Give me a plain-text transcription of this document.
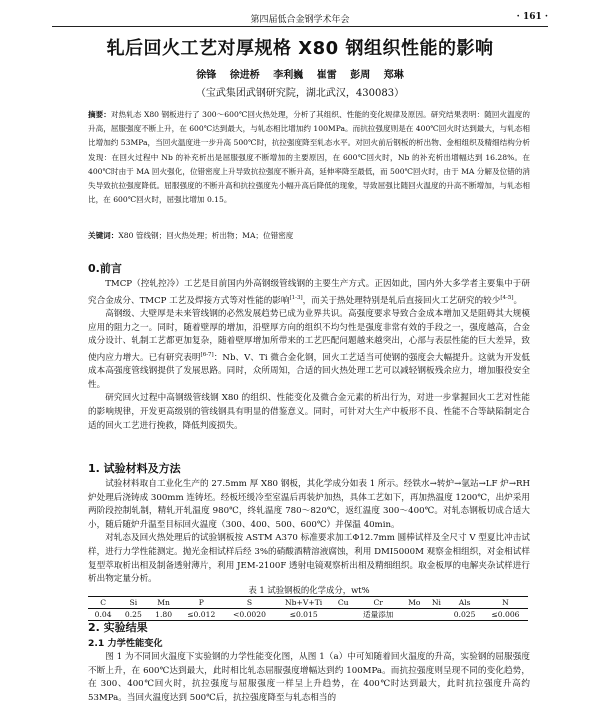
第四届低合金钢学术年会	· 161 ·
轧后回火工艺对厚规格 X80 钢组织性能的影响
徐锋 徐进桥 李利巍 崔雷 彭周 郑琳
（宝武集团武钢研究院，湖北武汉，430083）
摘要：对热轧态 X80 钢板进行了 300～600℃回火热处理，分析了其组织、性能的变化规律及原因。研究结果表明：随回火温度的升高，屈服强度不断上升，在 600℃达到最大，与轧态相比增加约 100MPa。而抗拉强度则是在 400℃回火时达到最大，与轧态相比增加约 53MPa，当回火温度进一步升高 500℃时，抗拉强度降至轧态水平。对回火前后钢板的析出物、金相组织及精细结构分析发现：在回火过程中 Nb 的补充析出是屈服强度不断增加的主要原因，在 600℃回火时，Nb 的补充析出增幅达到 16.28%。在 400℃时由于 MA 回火强化，位错密度上升导致抗拉强度不断升高，延伸率降至最低，而 500℃回火时，由于 MA 分解及位错的消失导致抗拉强度降低。屈服强度的不断升高和抗拉强度先小幅升高后降低的现象，导致屈强比随回火温度的升高不断增加，与轧态相比，在 600℃回火时，屈强比增加 0.15。
关键词：X80 管线钢；回火热处理；析出物；MA；位错密度
0.前言

TMCP（控轧控冷）工艺是目前国内外高钢级管线钢的主要生产方式。正因如此，国内外大多学者主要集中于研究合金成分、TMCP 工艺及焊接方式等对性能的影响[1-3]，而关于热处理特别是轧后直接回火工艺研究的较少[4-5]。

高钢级、大壁厚是未来管线钢的必然发展趋势已成为业界共识。高强度要求导致合金成本增加又是阻碍其大规模应用的阻力之一。同时，随着壁厚的增加，沿壁厚方向的组织不均匀性是强度非常有效的手段之一，强度越高，合金成分设计、轧制工艺都更加复杂，随着壁厚增加所带来的工艺匹配问题越来越突出，心部与表层性能的巨大差异，致使内应力增大。已有研究表明[6-7]：Nb、V、Ti 微合金化钢，回火工艺适当可使钢的强度会大幅提升。这就为开发低成本高强度管线钢提供了发展思路。同时，众所周知，合适的回火热处理工艺可以减轻钢板残余应力，增加服役安全性。

研究回火过程中高钢级管线钢 X80 的组织、性能变化及微合金元素的析出行为，对进一步掌握回火工艺对性能的影响规律，开发更高级别的管线钢具有明显的借鉴意义。同时，可针对大生产中板形不良、性能不合等缺陷制定合适的回火工艺进行挽救，降低判废损失。

1. 试验材料及方法

试验材料取自工业化生产的 27.5mm 厚 X80 钢板，其化学成分如表 1 所示。经铁水→转炉→氩站→LF 炉→RH 炉处理后浇铸成 300mm 连铸坯。经板坯缓冷至室温后再装炉加热，具体工艺如下，再加热温度 1200℃，出炉采用两阶段控制轧制，精轧开轧温度 980℃，终轧温度 780～820℃，返红温度 300～400℃。对轧态钢板切成合适大小，随后随炉升温至目标回火温度（300、400、500、600℃）并保温 40min。

对轧态及回火热处理后的试验钢板按 ASTM A370 标准要求加工Φ12.7mm 圆棒试样及全尺寸 V 型夏比冲击试样，进行力学性能测定。抛光金相试样后经 3%的硝酸酒精溶液腐蚀，利用 DMI5000M 观察金相组织，对金相试样复型萃取析出相及制备透射薄片，利用 JEM-2100F 透射电镜观察析出相及精细组织。取金板厚的电解夹杂试样进行析出物定量分析。

表 1 试验钢板的化学成分，wt%
C	Si	Mn	P	S	Nb+V+Ti	Cu	Cr	Mo	Ni	Als	N
0.04	0.25	1.80	≤0.012	<0.0020	≤0.015		适量添加			0.025	≤0.006
2. 实验结果
2.1 力学性能变化

图 1 为不同回火温度下实验钢的力学性能变化图，从图 1（a）中可知随着回火温度的升高，实验钢的屈服强度不断上升，在 600℃达到最大，此时相比轧态屈服强度增幅达到约 100MPa。而抗拉强度则呈现不同的变化趋势，在 300、400℃回火时，抗拉强度与屈服强度一样呈上升趋势，在 400℃时达到最大，此时抗拉强度升高约 53MPa。当回火温度达到 500℃后，抗拉强度降至与轧态相当的
